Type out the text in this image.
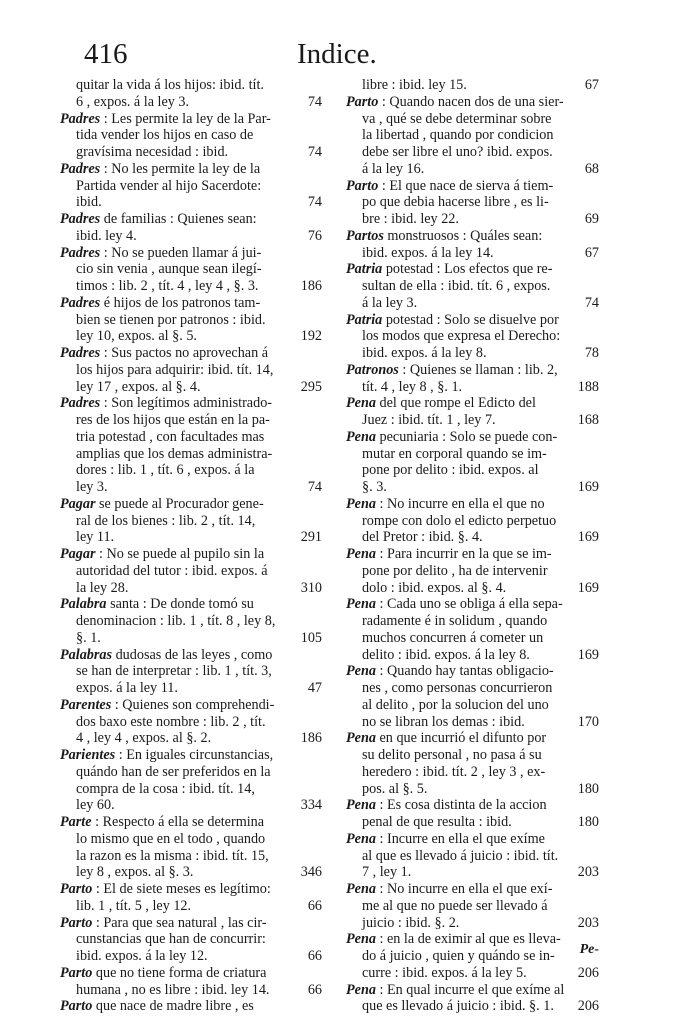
416	Indice.
quitar la vida á los hijos: ibid. tít.
6 , expos. á la ley 3.	74
Padres : Les permite la ley de la Par-
tida vender los hijos en caso de
gravísima necesidad : ibid.	74
Padres : No les permite la ley de la
Partida vender al hijo Sacerdote:
ibid.	74
Padres de familias : Quienes sean:
ibid. ley 4.	76
Padres : No se pueden llamar á jui-
cio sin venia , aunque sean ilegí-
timos : lib. 2 , tít. 4 , ley 4 , §. 3.	186
Padres é hijos de los patronos tam-
bien se tienen por patronos : ibid.
ley 10, expos. al §. 5.	192
Padres : Sus pactos no aprovechan á
los hijos para adquirir: ibid. tít. 14,
ley 17 , expos. al §. 4.	295
Padres : Son legítimos administrado-
res de los hijos que están en la pa-
tria potestad , con facultades mas
amplias que los demas administra-
dores : lib. 1 , tít. 6 , expos. á la
ley 3.	74
Pagar se puede al Procurador gene-
ral de los bienes : lib. 2 , tít. 14,
ley 11.	291
Pagar : No se puede al pupilo sin la
autoridad del tutor : ibid. expos. á
la ley 28.	310
Palabra santa : De donde tomó su
denominacion : lib. 1 , tít. 8 , ley 8,
§. 1.	105
Palabras dudosas de las leyes , como
se han de interpretar : lib. 1 , tít. 3,
expos. á la ley 11.	47
Parentes : Quienes son comprehendi-
dos baxo este nombre : lib. 2 , tít.
4 , ley 4 , expos. al §. 2.	186
Parientes : En iguales circunstancias,
quándo han de ser preferidos en la
compra de la cosa : ibid. tít. 14,
ley 60.	334
Parte : Respecto á ella se determina
lo mismo que en el todo , quando
la razon es la misma : ibid. tít. 15,
ley 8 , expos. al §. 3.	346
Parto : El de siete meses es legítimo:
lib. 1 , tít. 5 , ley 12.	66
Parto : Para que sea natural , las cir-
cunstancias que han de concurrir:
ibid. expos. á la ley 12.	66
Parto que no tiene forma de criatura
humana , no es libre : ibid. ley 14.	66
Parto que nace de madre libre , es
libre : ibid. ley 15.	67
Parto : Quando nacen dos de una sier-
va , qué se debe determinar sobre
la libertad , quando por condicion
debe ser libre el uno? ibid. expos.
á la ley 16.	68
Parto : El que nace de sierva á tiem-
po que debia hacerse libre , es li-
bre : ibid. ley 22.	69
Partos monstruosos : Quáles sean:
ibid. expos. á la ley 14.	67
Patria potestad : Los efectos que re-
sultan de ella : ibid. tít. 6 , expos.
á la ley 3.	74
Patria potestad : Solo se disuelve por
los modos que expresa el Derecho:
ibid. expos. á la ley 8.	78
Patronos : Quienes se llaman : lib. 2,
tít. 4 , ley 8 , §. 1.	188
Pena del que rompe el Edicto del
Juez : ibid. tít. 1 , ley 7.	168
Pena pecuniaria : Solo se puede con-
mutar en corporal quando se im-
pone por delito : ibid. expos. al
§. 3.	169
Pena : No incurre en ella el que no
rompe con dolo el edicto perpetuo
del Pretor : ibid. §. 4.	169
Pena : Para incurrir en la que se im-
pone por delito , ha de intervenir
dolo : ibid. expos. al §. 4.	169
Pena : Cada uno se obliga á ella sepa-
radamente é in solidum , quando
muchos concurren á cometer un
delito : ibid. expos. á la ley 8.	169
Pena : Quando hay tantas obligacio-
nes , como personas concurrieron
al delito , por la solucion del uno
no se libran los demas : ibid.	170
Pena en que incurrió el difunto por
su delito personal , no pasa á su
heredero : ibid. tít. 2 , ley 3 , ex-
pos. al §. 5.	180
Pena : Es cosa distinta de la accion
penal de que resulta : ibid.	180
Pena : Incurre en ella el que exíme
al que es llevado á juicio : ibid. tít.
7 , ley 1.	203
Pena : No incurre en ella el que exí-
me al que no puede ser llevado á
juicio : ibid. §. 2.	203
Pena : en la de eximir al que es lleva-
do á juicio , quien y quándo se in-
curre : ibid. expos. á la ley 5.	206
Pena : En qual incurre el que exíme al
que es llevado á juicio : ibid. §. 1. 206
Pe-
